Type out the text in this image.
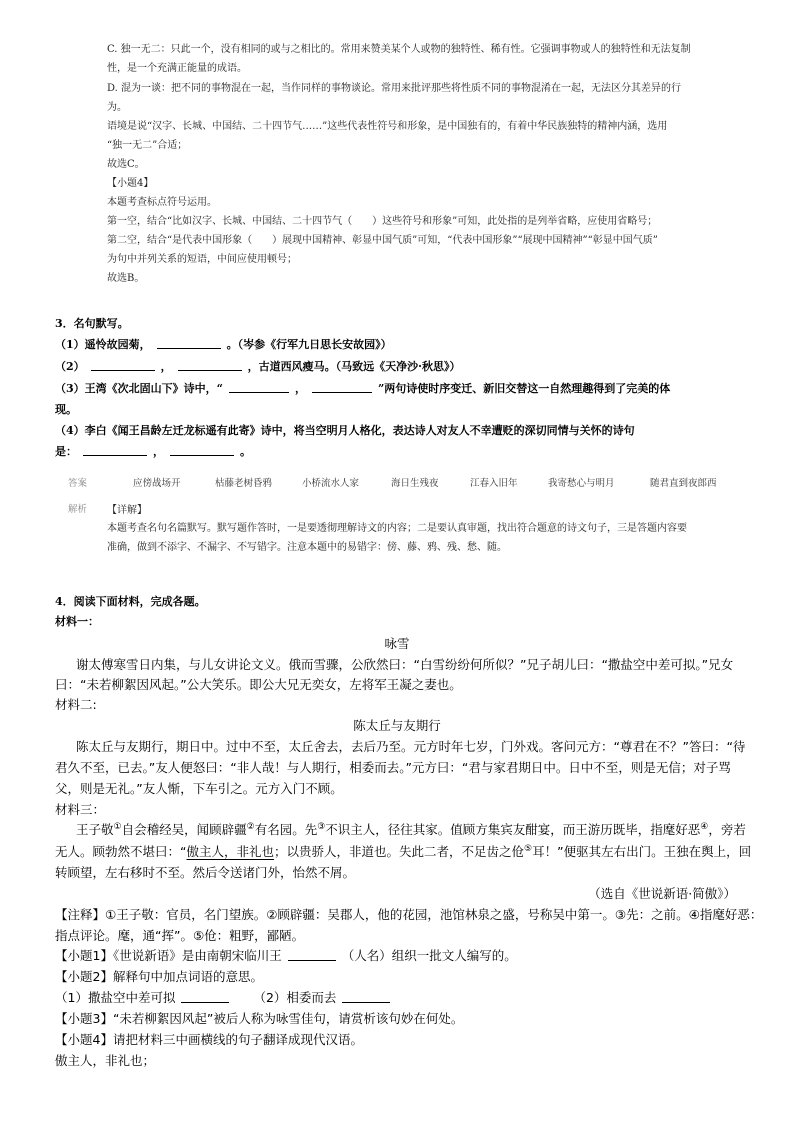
C. 独一无二：只此一个，没有相同的或与之相比的。常用来赞美某个人或物的独特性、稀有性。它强调事物或人的独特性和无法复制
性，是一个充满正能量的成语。
D. 混为一谈：把不同的事物混在一起，当作同样的事物谈论。常用来批评那些将性质不同的事物混淆在一起，无法区分其差异的行
为。
语境是说“汉字、长城、中国结、二十四节气……”这些代表性符号和形象，是中国独有的，有着中华民族独特的精神内涵，选用
“独一无二”合适；
故选C。
【小题4】
本题考查标点符号运用。
第一空，结合“比如汉字、长城、中国结、二十四节气（　　）这些符号和形象”可知，此处指的是列举省略，应使用省略号；
第二空，结合“是代表中国形象（　　）展现中国精神、彰显中国气质”可知，“代表中国形象”“展现中国精神”“彰显中国气质”
为句中并列关系的短语，中间应使用顿号；
故选B。
3．名句默写。
（1）遥怜故园菊，	。（岑参《行军九日思长安故园》）
（2）	，	，古道西风瘦马。（马致远《天净沙·秋思》）
（3）王湾《次北固山下》诗中，“	，	”两句诗使时序变迁、新旧交替这一自然理趣得到了完美的体
现。
（4）李白《闻王昌龄左迁龙标遥有此寄》诗中，将当空明月人格化，表达诗人对友人不幸遭贬的深切同情与关怀的诗句
是：	，	。
答案	应傍战场开	枯藤老树昏鸦	小桥流水人家	海日生残夜	江春入旧年	我寄愁心与明月	随君直到夜郎西
解析 【详解】
本题考查名句名篇默写。默写题作答时，一是要透彻理解诗文的内容；二是要认真审题，找出符合题意的诗文句子，三是答题内容要
准确，做到不添字、不漏字、不写错字。注意本题中的易错字：傍、藤、鸦、残、愁、随。
4．阅读下面材料，完成各题。
材料一：
咏雪
谢太傅寒雪日内集，与儿女讲论文义。俄而雪骤，公欣然曰：“白雪纷纷何所似？”兄子胡儿曰：“撒盐空中差可拟。”兄女
曰：“未若柳絮因风起。”公大笑乐。即公大兄无奕女，左将军王凝之妻也。
材料二:
陈太丘与友期行
陈太丘与友期行，期日中。过中不至，太丘舍去，去后乃至。元方时年七岁，门外戏。客问元方：“尊君在不？”答曰：“待
君久不至，已去。”友人便怒曰：“非人哉！与人期行，相委而去。”元方曰：“君与家君期日中。日中不至，则是无信；对子骂
父，则是无礼。”友人惭，下车引之。元方入门不顾。
材料三：
王子敬①自会稽经吴，闻顾辟疆②有名园。先③不识主人，径往其家。值顾方集宾友酣宴，而王游历既毕，指麾好恶④，旁若
无人。顾勃然不堪曰：“傲主人，非礼也；以贵骄人，非道也。失此二者，不足齿之伧⑤耳！”便驱其左右出门。王独在舆上，回
转顾望，左右移时不至。然后令送诸门外，怡然不屑。
（选自《世说新语·简傲》）
【注释】①王子敬：官员，名门望族。②顾辟疆：吴郡人，他的花园，池馆林泉之盛，号称吴中第一。③先：之前。④指麾好恶：
指点评论。麾，通“挥”。⑤伧：粗野，鄙陋。
【小题1】《世说新语》是由南朝宋临川王	（人名）组织一批文人编写的。
【小题2】解释句中加点词语的意思。
（1）撒盐空中差可拟	（2）相委而去
【小题3】“未若柳絮因风起”被后人称为咏雪佳句，请赏析该句妙在何处。
【小题4】请把材料三中画横线的句子翻译成现代汉语。
傲主人，非礼也；
